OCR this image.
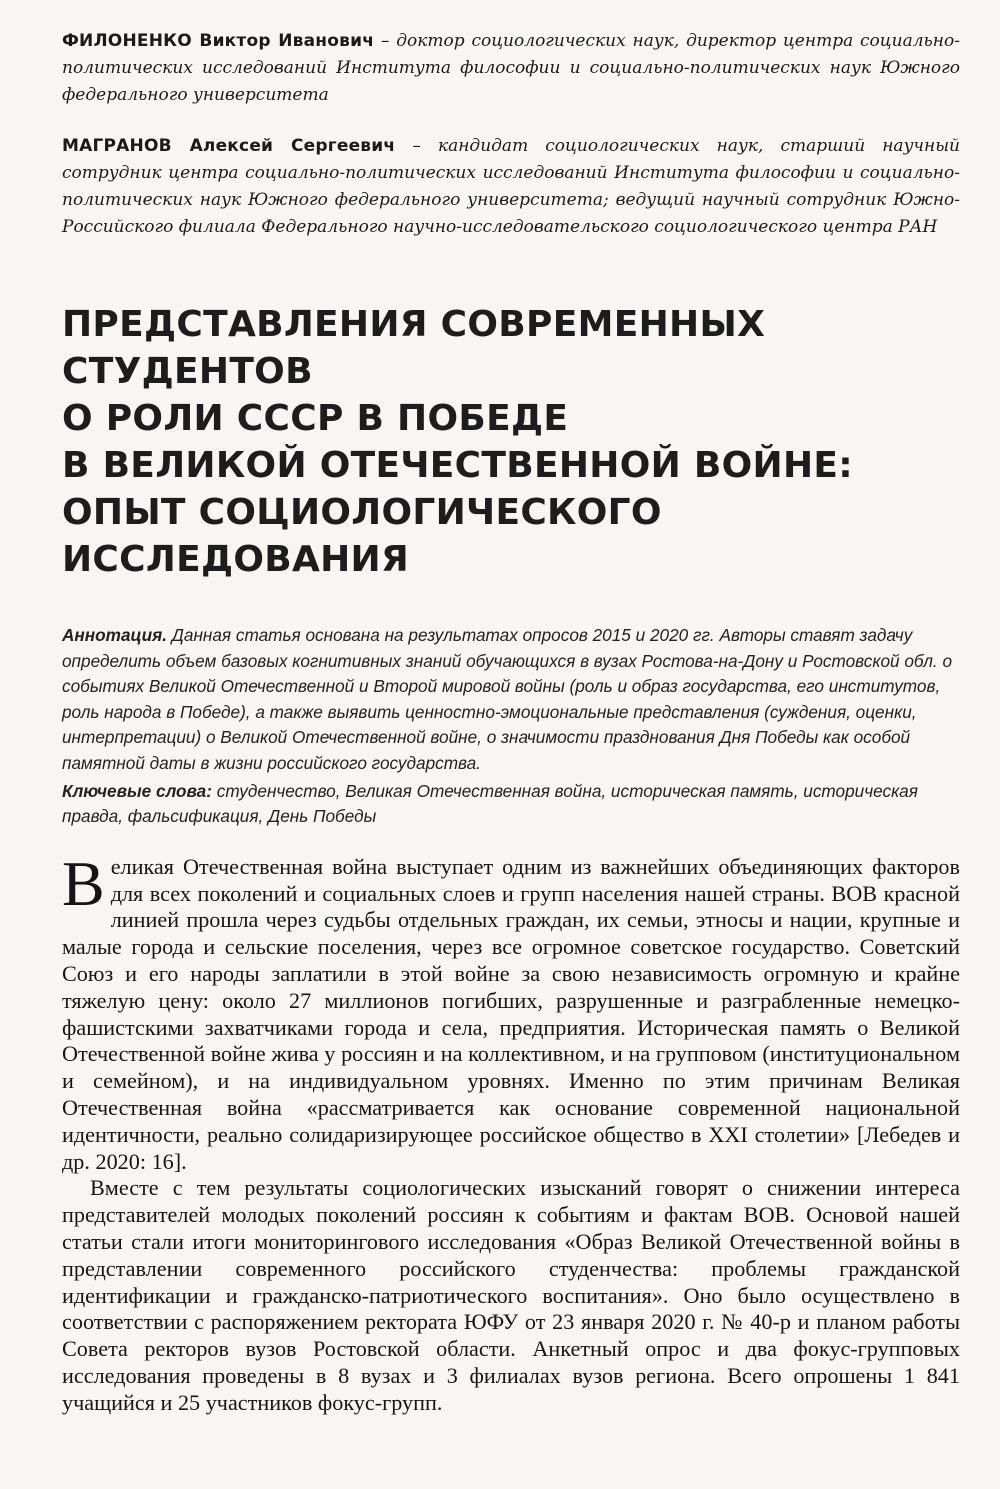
ФИЛОНЕНКО Виктор Иванович – доктор социологических наук, директор центра социально-политических исследований Института философии и социально-политических наук Южного федерального университета

МАГРАНОВ Алексей Сергеевич – кандидат социологических наук, старший научный сотрудник центра социально-политических исследований Института философии и социально-политических наук Южного федерального университета; ведущий научный сотрудник Южно-Российского филиала Федерального научно-исследовательского социологического центра РАН

ПРЕДСТАВЛЕНИЯ СОВРЕМЕННЫХ СТУДЕНТОВ
О РОЛИ СССР В ПОБЕДЕ
В ВЕЛИКОЙ ОТЕЧЕСТВЕННОЙ ВОЙНЕ:
ОПЫТ СОЦИОЛОГИЧЕСКОГО
ИССЛЕДОВАНИЯ

Аннотация. Данная статья основана на результатах опросов 2015 и 2020 гг. Авторы ставят задачу определить объем базовых когнитивных знаний обучающихся в вузах Ростова-на-Дону и Ростовской обл. о событиях Великой Отечественной и Второй мировой войны (роль и образ государства, его институтов, роль народа в Победе), а также выявить ценностно-эмоциональные представления (суждения, оценки, интерпретации) о Великой Отечественной войне, о значимости празднования Дня Победы как особой памятной даты в жизни российского государства.

Ключевые слова: студенчество, Великая Отечественная война, историческая память, историческая правда, фальсификация, День Победы

Великая Отечественная война выступает одним из важнейших объединяющих факторов для всех поколений и социальных слоев и групп населения нашей страны. ВОВ красной линией прошла через судьбы отдельных граждан, их семьи, этносы и нации, крупные и малые города и сельские поселения, через все огромное советское государство. Советский Союз и его народы заплатили в этой войне за свою независимость огромную и крайне тяжелую цену: около 27 миллионов погибших, разрушенные и разграбленные немецко-фашистскими захватчиками города и села, предприятия. Историческая память о Великой Отечественной войне жива у россиян и на коллективном, и на групповом (институциональном и семейном), и на индивидуальном уровнях. Именно по этим причинам Великая Отечественная война «рассматривается как основание современной национальной идентичности, реально солидаризирующее российское общество в XXI столетии» [Лебедев и др. 2020: 16].

Вместе с тем результаты социологических изысканий говорят о снижении интереса представителей молодых поколений россиян к событиям и фактам ВОВ. Основой нашей статьи стали итоги мониторингового исследования «Образ Великой Отечественной войны в представлении современного российского студенчества: проблемы гражданской идентификации и гражданско-патриотического воспитания». Оно было осуществлено в соответствии с распоряжением ректората ЮФУ от 23 января 2020 г. № 40-р и планом работы Совета ректоров вузов Ростовской области. Анкетный опрос и два фокус-групповых исследования проведены в 8 вузах и 3 филиалах вузов региона. Всего опрошены 1 841 учащийся и 25 участников фокус-групп.
